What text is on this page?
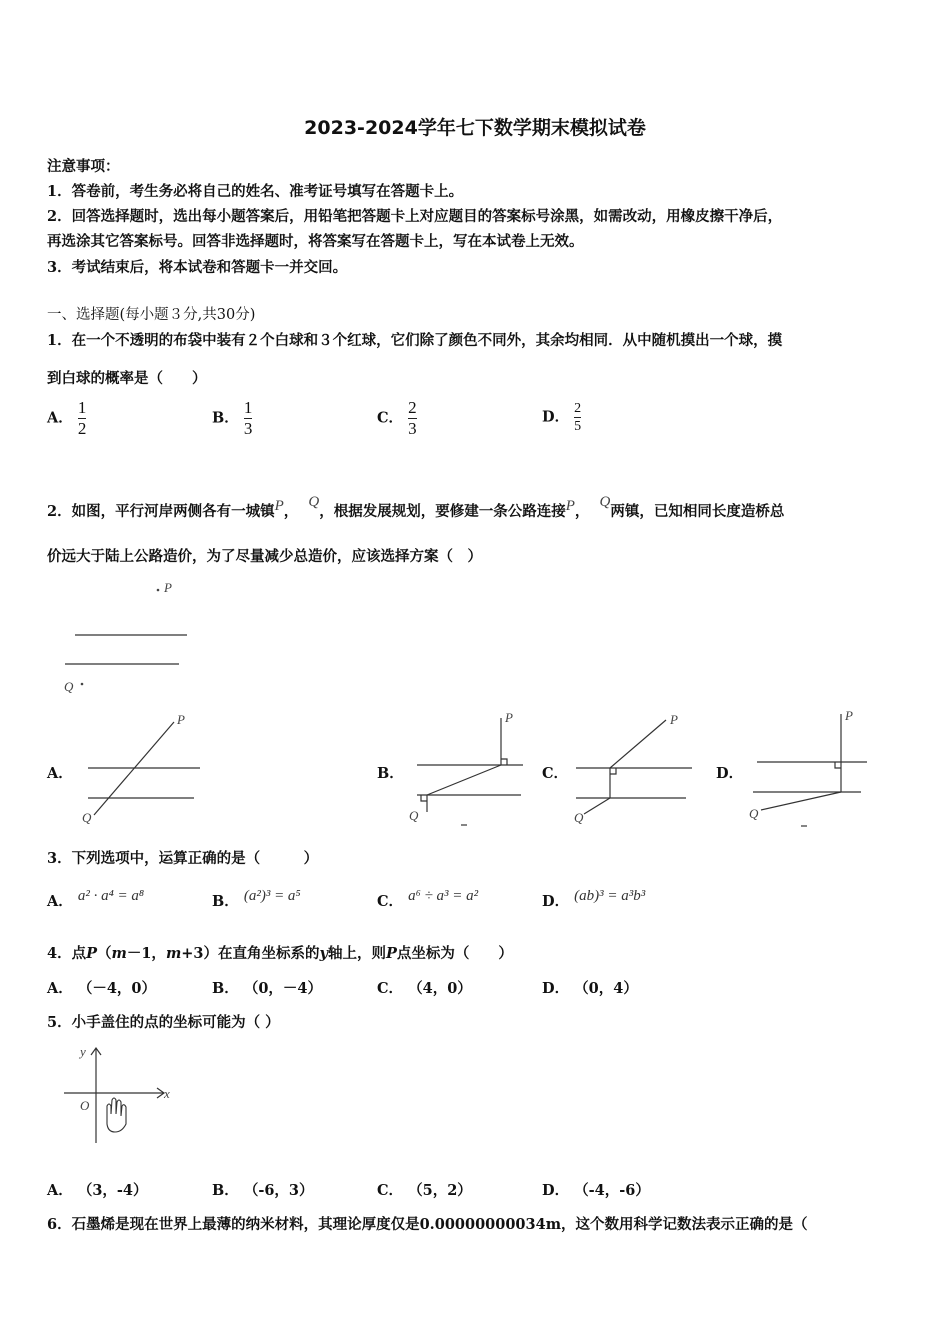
2023-2024学年七下数学期末模拟试卷
注意事项：
1．答卷前，考生务必将自己的姓名、准考证号填写在答题卡上。
2．回答选择题时，选出每小题答案后，用铅笔把答题卡上对应题目的答案标号涂黑，如需改动，用橡皮擦干净后，
再选涂其它答案标号。回答非选择题时，将答案写在答题卡上，写在本试卷上无效。
3．考试结束后，将本试卷和答题卡一并交回。
一、选择题(每小题３分,共30分)
1．在一个不透明的布袋中装有２个白球和３个红球，它们除了颜色不同外，其余均相同．从中随机摸出一个球，摸
到白球的概率是（　　）
A． $\frac{1}{2}$	B． $\frac{1}{3}$	C． $\frac{2}{3}$	D． $\frac{2}{5}$
2．如图，平行河岸两侧各有一城镇P，  Q，根据发展规划，要修建一条公路连接P，  Q两镇，已知相同长度造桥总
价远大于陆上公路造价，为了尽量减少总造价，应该选择方案（　）
P
Q
A．
P
Q
B．
P
Q
C．
P
Q
D．
P
Q
3．下列选项中，运算正确的是（　　　）
A． a² · a⁴ = a⁸	B． (a²)³ = a⁵	C． a⁶ ÷ a³ = a²	D． (ab)³ = a³b³
4．点P（m－1，m+3）在直角坐标系的y轴上，则P点坐标为（　　）
A． （－4，0）	B． （0，－4）	C． （4，0）	D． （0，4）
5．小手盖住的点的坐标可能为（ ）
y
x
O
A． （3，-4）	B． （-6，3）	C． （5，2）	D． （-4，-6）
6．石墨烯是现在世界上最薄的纳米材料，其理论厚度仅是0.00000000034m，这个数用科学记数法表示正确的是（
